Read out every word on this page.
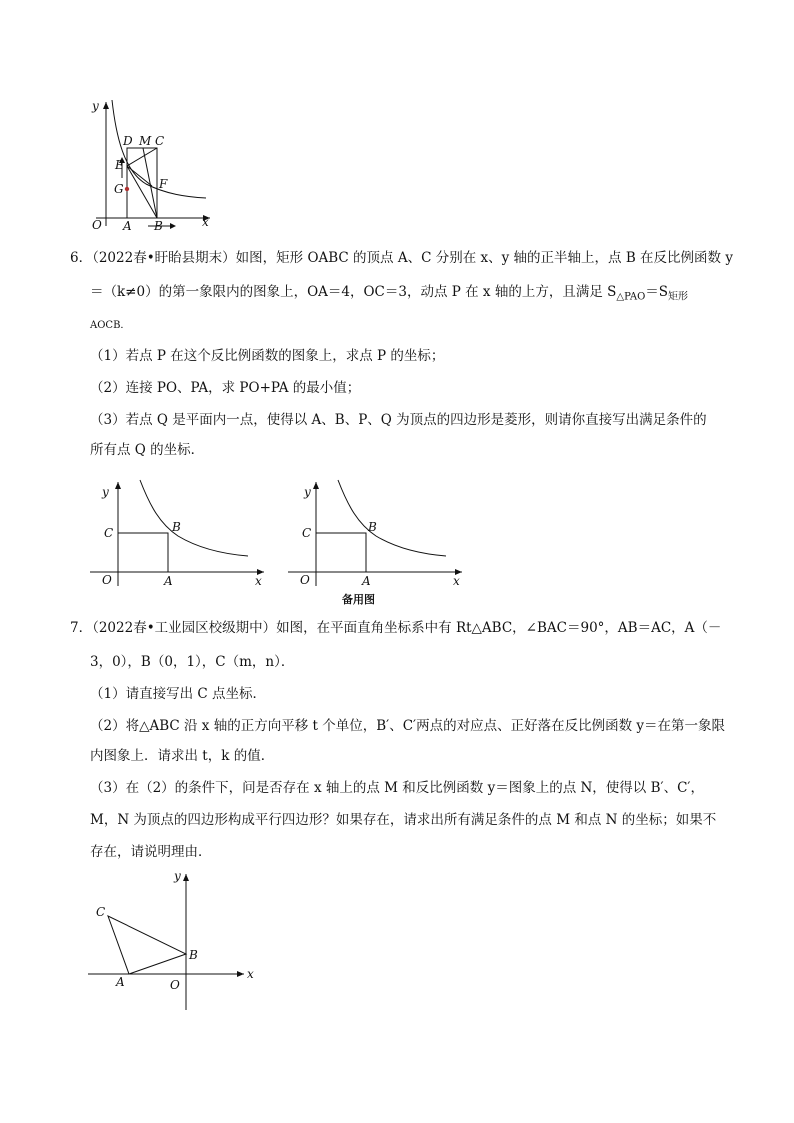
y
x
O A B
D M C
E
G	F
6．（2022春•盱眙县期末）如图，矩形 OABC 的顶点 A、C 分别在 x、y 轴的正半轴上，点 B 在反比例函数 y
＝（k≠0）的第一象限内的图象上，OA＝4，OC＝3，动点 P 在 x 轴的上方，且满足 $S_{\triangle PAO}=S_{矩形}$
AOCB．
（1）若点 P 在这个反比例函数的图象上，求点 P 的坐标；
（2）连接 PO、PA，求 PO+PA 的最小值；
（3）若点 Q 是平面内一点，使得以 A、B、P、Q 为顶点的四边形是菱形，则请你直接写出满足条件的
所有点 Q 的坐标．
y
x
O	A
B
C
y
x
O	A
B
C
备用图
7．（2022春•工业园区校级期中）如图，在平面直角坐标系中有 Rt△ABC，∠BAC＝90°，AB＝AC，A（－
3，0），B（0，1），C（m，n）．
（1）请直接写出 C 点坐标．
（2）将△ABC 沿 x 轴的正方向平移 t 个单位，B′、C′两点的对应点、正好落在反比例函数 y＝在第一象限
内图象上．请求出 t，k 的值．
（3）在（2）的条件下，问是否存在 x 轴上的点 M 和反比例函数 y＝图象上的点 N，使得以 B′、C′，
M，N 为顶点的四边形构成平行四边形？如果存在，请求出所有满足条件的点 M 和点 N 的坐标；如果不
存在，请说明理由．
y
x
O
A
B
C
